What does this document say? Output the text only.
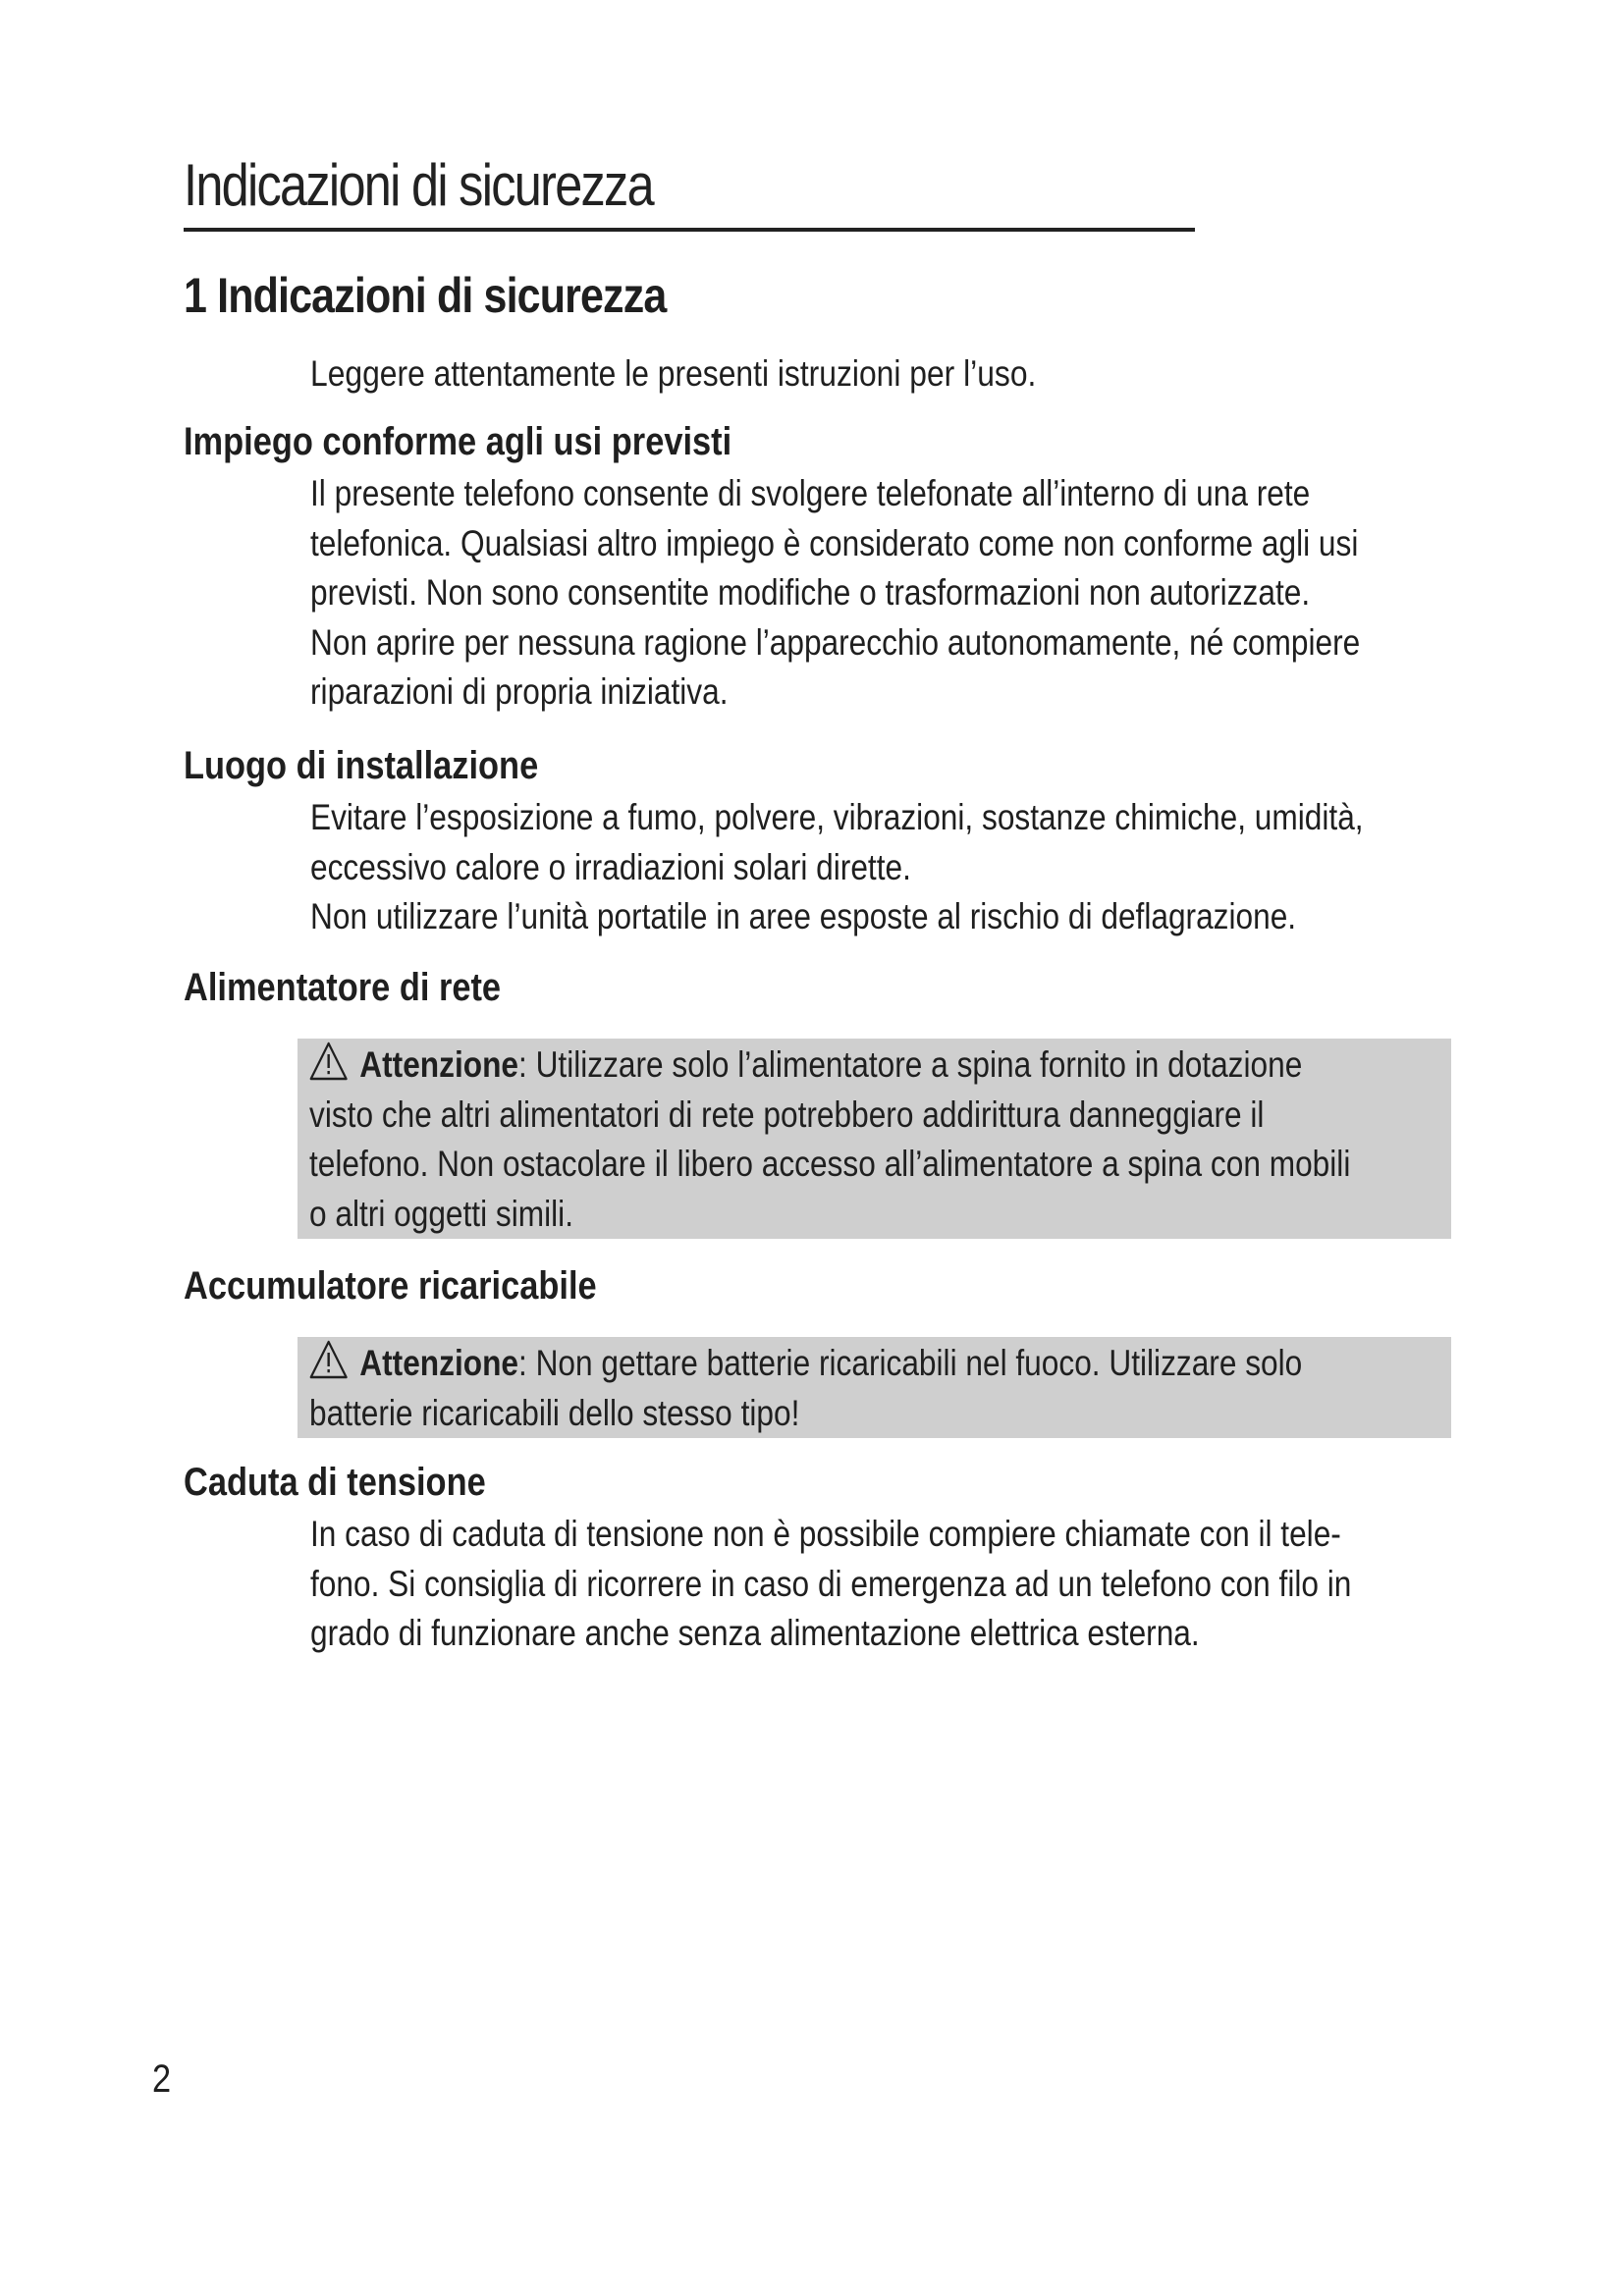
Indicazioni di sicurezza
1 Indicazioni di sicurezza
Leggere attentamente le presenti istruzioni per l’uso.
Impiego conforme agli usi previsti
Il presente telefono consente di svolgere telefonate all’interno di una rete
telefonica. Qualsiasi altro impiego è considerato come non conforme agli usi
previsti. Non sono consentite modifiche o trasformazioni non autorizzate.
Non aprire per nessuna ragione l’apparecchio autonomamente, né compiere
riparazioni di propria iniziativa.
Luogo di installazione
Evitare l’esposizione a fumo, polvere, vibrazioni, sostanze chimiche, umidità,
eccessivo calore o irradiazioni solari dirette.
Non utilizzare l’unità portatile in aree esposte al rischio di deflagrazione.
Alimentatore di rete
Attenzione: Utilizzare solo l’alimentatore a spina fornito in dotazione
visto che altri alimentatori di rete potrebbero addirittura danneggiare il
telefono. Non ostacolare il libero accesso all’alimentatore a spina con mobili
o altri oggetti simili.
Accumulatore ricaricabile
Attenzione: Non gettare batterie ricaricabili nel fuoco. Utilizzare solo
batterie ricaricabili dello stesso tipo!
Caduta di tensione
In caso di caduta di tensione non è possibile compiere chiamate con il tele-
fono. Si consiglia di ricorrere in caso di emergenza ad un telefono con filo in
grado di funzionare anche senza alimentazione elettrica esterna.
2
